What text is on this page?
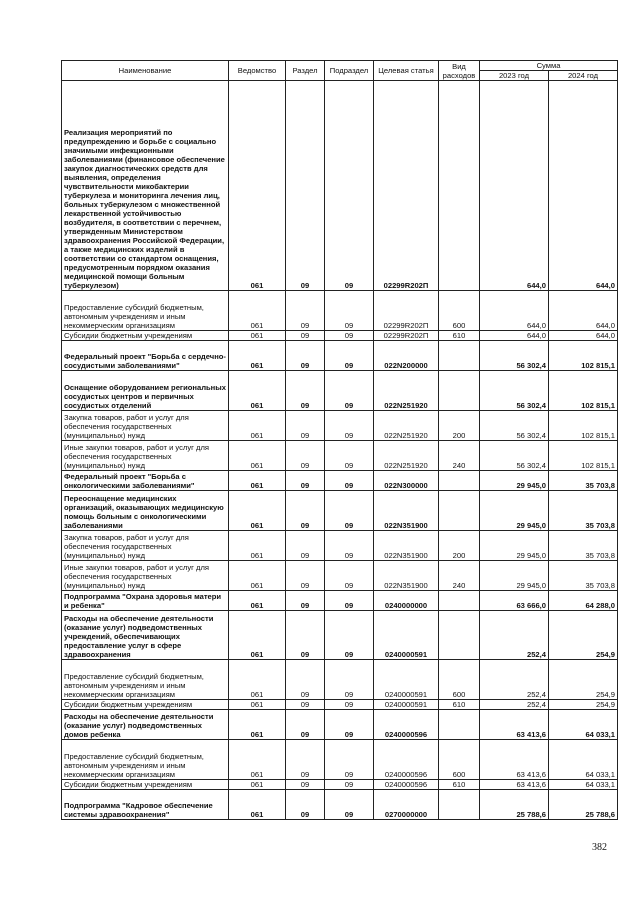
Наименование	Ведомство	Раздел	Подраздел	Целевая статья	Вид расходов	Сумма	
						2023 год	2024 год
Реализация мероприятий по предупреждению и борьбе с социально значимыми инфекционными заболеваниями (финансовое обеспечение закупок диагностических средств для выявления, определения чувствительности микобактерии туберкулеза и мониторинга лечения лиц, больных туберкулезом с множественной лекарственной устойчивостью возбудителя, в соответствии с перечнем, утвержденным Министерством здравоохранения Российской Федерации, а также медицинских изделий в соответствии со стандартом оснащения, предусмотренным порядком оказания медицинской помощи больным туберкулезом)	061	09	09	02299R202П		644,0	644,0
Предоставление субсидий бюджетным, автономным учреждениям и иным некоммерческим организациям	061	09	09	02299R202П	600	644,0	644,0
Субсидии бюджетным учреждениям	061	09	09	02299R202П	610	644,0	644,0
Федеральный проект "Борьба с сердечно-сосудистыми заболеваниями"	061	09	09	022N200000		56 302,4	102 815,1
Оснащение оборудованием региональных сосудистых центров и первичных сосудистых отделений	061	09	09	022N251920		56 302,4	102 815,1
Закупка товаров, работ и услуг для обеспечения государственных (муниципальных) нужд	061	09	09	022N251920	200	56 302,4	102 815,1
Иные закупки товаров, работ и услуг для обеспечения государственных (муниципальных) нужд	061	09	09	022N251920	240	56 302,4	102 815,1
Федеральный проект "Борьба с онкологическими заболеваниями"	061	09	09	022N300000		29 945,0	35 703,8
Переоснащение медицинских организаций, оказывающих медицинскую помощь больным с онкологическими заболеваниями	061	09	09	022N351900		29 945,0	35 703,8
Закупка товаров, работ и услуг для обеспечения государственных (муниципальных) нужд	061	09	09	022N351900	200	29 945,0	35 703,8
Иные закупки товаров, работ и услуг для обеспечения государственных (муниципальных) нужд	061	09	09	022N351900	240	29 945,0	35 703,8
Подпрограмма "Охрана здоровья матери и ребенка"	061	09	09	0240000000		63 666,0	64 288,0
Расходы на обеспечение деятельности (оказание услуг) подведомственных учреждений, обеспечивающих предоставление услуг в сфере здравоохранения	061	09	09	0240000591		252,4	254,9
Предоставление субсидий бюджетным, автономным учреждениям и иным некоммерческим организациям	061	09	09	0240000591	600	252,4	254,9
Субсидии бюджетным учреждениям	061	09	09	0240000591	610	252,4	254,9
Расходы на обеспечение деятельности (оказание услуг) подведомственных домов ребенка	061	09	09	0240000596		63 413,6	64 033,1
Предоставление субсидий бюджетным, автономным учреждениям и иным некоммерческим организациям	061	09	09	0240000596	600	63 413,6	64 033,1
Субсидии бюджетным учреждениям	061	09	09	0240000596	610	63 413,6	64 033,1
Подпрограмма "Кадровое обеспечение системы здравоохранения"	061	09	09	0270000000		25 788,6	25 788,6
382
